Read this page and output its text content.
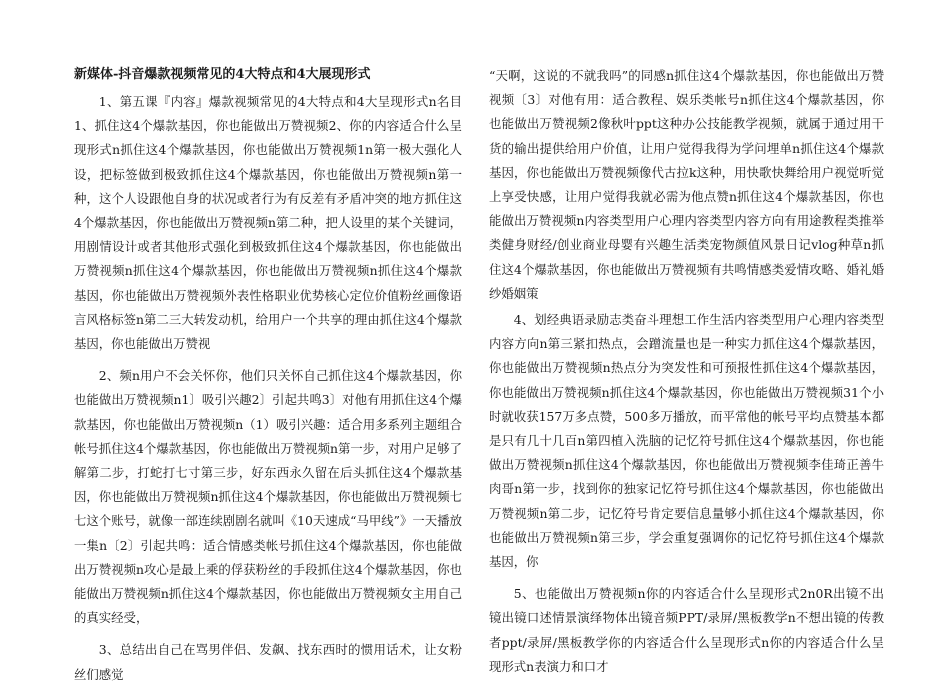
新媒体-抖音爆款视频常见的4大特点和4大展现形式

1、第五课『内容』爆款视频常见的4大特点和4大呈现形式n名目1、抓住这4个爆款基因，你也能做出万赞视频2、你的内容适合什么呈现形式n抓住这4个爆款基因，你也能做出万赞视频1n第一极大强化人设，把标签做到极致抓住这4个爆款基因，你也能做出万赞视频n第一种，这个人设跟他自身的状况或者行为有反差有矛盾冲突的地方抓住这4个爆款基因，你也能做出万赞视频n第二种，把人设里的某个关键词，用剧情设计或者其他形式强化到极致抓住这4个爆款基因，你也能做出万赞视频n抓住这4个爆款基因，你也能做出万赞视频n抓住这4个爆款基因，你也能做出万赞视频外表性格职业优势核心定位价值粉丝画像语言风格标签n第二三大转发动机，给用户一个共享的理由抓住这4个爆款基因，你也能做出万赞视

2、频n用户不会关怀你，他们只关怀自己抓住这4个爆款基因，你也能做出万赞视频n1〕吸引兴趣2〕引起共鸣3〕对他有用抓住这4个爆款基因，你也能做出万赞视频n（1）吸引兴趣：适合用多系列主题组合帐号抓住这4个爆款基因，你也能做出万赞视频n第一步，对用户足够了解第二步，打蛇打七寸第三步，好东西永久留在后头抓住这4个爆款基因，你也能做出万赞视频n抓住这4个爆款基因，你也能做出万赞视频七七这个账号，就像一部连续剧剧名就叫《10天速成“马甲线”》一天播放一集n〔2〕引起共鸣：适合情感类帐号抓住这4个爆款基因，你也能做出万赞视频n攻心是最上乘的俘获粉丝的手段抓住这4个爆款基因，你也能做出万赞视频n抓住这4个爆款基因，你也能做出万赞视频女主用自己的真实经受，

3、总结出自己在骂男伴侣、发飙、找东西时的惯用话术，让女粉丝们感觉

“天啊，这说的不就我吗”的同感n抓住这4个爆款基因，你也能做出万赞视频〔3〕对他有用：适合教程、娱乐类帐号n抓住这4个爆款基因，你也能做出万赞视频2像秋叶ppt这种办公技能教学视频，就属于通过用干货的输出提供给用户价值，让用户觉得我得为学问埋单n抓住这4个爆款基因，你也能做出万赞视频像代古拉k这种，用快歌快舞给用户视觉听觉上享受快感，让用户觉得我就必需为他点赞n抓住这4个爆款基因，你也能做出万赞视频n内容类型用户心理内容类型内容方向有用途教程类推举类健身财经/创业商业母婴有兴趣生活类宠物颜值风景日记vlog种草n抓住这4个爆款基因，你也能做出万赞视频有共鸣情感类爱情攻略、婚礼婚纱婚姻策

4、划经典语录励志类奋斗理想工作生活内容类型用户心理内容类型内容方向n第三紧扣热点，会蹭流量也是一种实力抓住这4个爆款基因，你也能做出万赞视频n热点分为突发性和可预报性抓住这4个爆款基因，你也能做出万赞视频n抓住这4个爆款基因，你也能做出万赞视频31个小时就收获157万多点赞，500多万播放，而平常他的帐号平均点赞基本都是只有几十几百n第四植入洗脑的记忆符号抓住这4个爆款基因，你也能做出万赞视频n抓住这4个爆款基因，你也能做出万赞视频李佳琦正善牛肉哥n第一步，找到你的独家记忆符号抓住这4个爆款基因，你也能做出万赞视频n第二步，记忆符号肯定要信息量够小抓住这4个爆款基因，你也能做出万赞视频n第三步，学会重复强调你的记忆符号抓住这4个爆款基因，你

5、也能做出万赞视频n你的内容适合什么呈现形式2n0R出镜不出镜出镜口述情景演绎物体出镜音频PPT/录屏/黑板教学n不想出镜的传教者ppt/录屏/黑板教学你的内容适合什么呈现形式n你的内容适合什么呈现形式n表演力和口才
